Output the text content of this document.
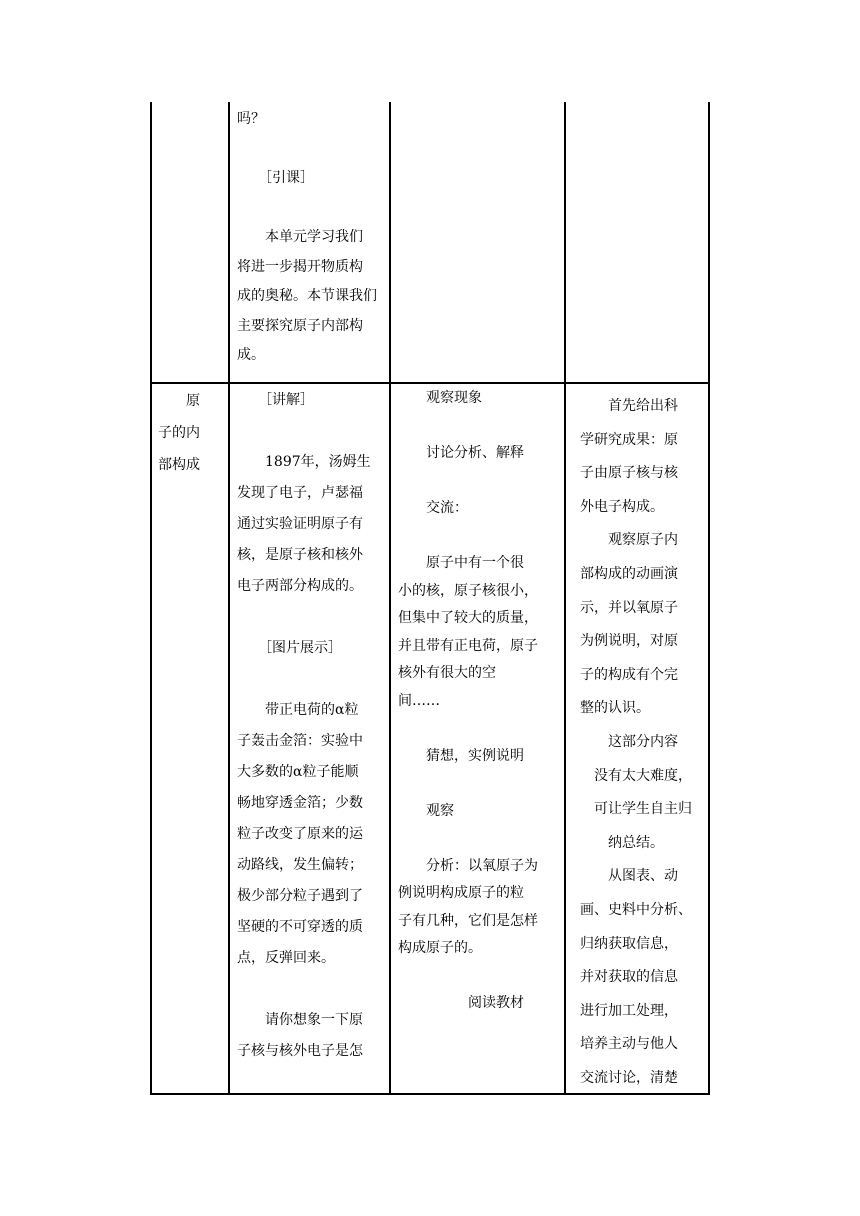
吗？

　　［引课］

　　本单元学习我们
将进一步揭开物质构
成的奥秘。本节课我们
主要探究原子内部构
成。
　　原
子的内
部构成
　　［讲解］

　　1897年，汤姆生
发现了电子，卢瑟福
通过实验证明原子有
核，是原子核和核外
电子两部分构成的。

　　［图片展示］

　　带正电荷的α粒
子轰击金箔：实验中
大多数的α粒子能顺
畅地穿透金箔；少数
粒子改变了原来的运
动路线，发生偏转；
极少部分粒子遇到了
坚硬的不可穿透的质
点，反弹回来。

　　请你想象一下原
子核与核外电子是怎
　　观察现象

　　讨论分析、解释

　　交流：

　　原子中有一个很
小的核，原子核很小，
但集中了较大的质量，
并且带有正电荷，原子
核外有很大的空
间……

　　猜想，实例说明

　　观察

　　分析：以氧原子为
例说明构成原子的粒
子有几种，它们是怎样
构成原子的。

　　　　　阅读教材
　　首先给出科
学研究成果：原
子由原子核与核
外电子构成。
　　观察原子内
部构成的动画演
示，并以氧原子
为例说明，对原
子的构成有个完
整的认识。
　　这部分内容
　没有太大难度，
　可让学生自主归
　　纳总结。
　　从图表、动
画、史料中分析、
归纳获取信息，
并对获取的信息
进行加工处理，
培养主动与他人
交流讨论，清楚
